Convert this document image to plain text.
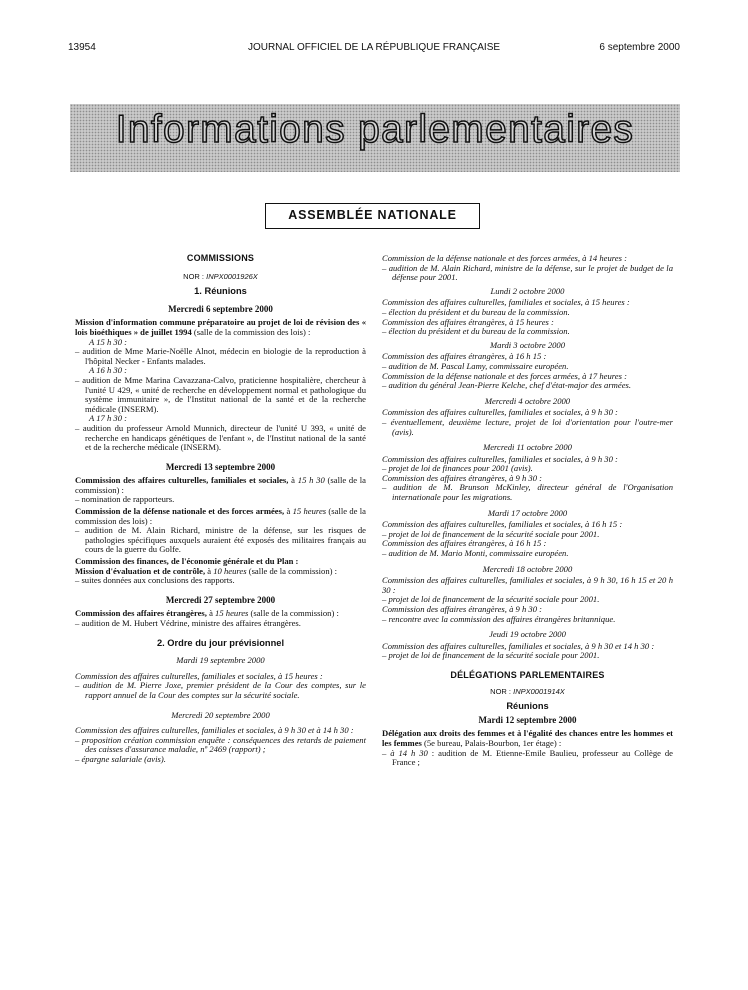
13954	JOURNAL OFFICIEL DE LA RÉPUBLIQUE FRANÇAISE	6 septembre 2000
Informations parlementaires
ASSEMBLÉE NATIONALE

COMMISSIONS

NOR : INPX0001926X

1. Réunions

Mercredi 6 septembre 2000

Mission d'information commune préparatoire au projet de loi de révision des « lois bioéthiques » de juillet 1994 (salle de la commission des lois) :

A 15 h 30 :

– audition de Mme Marie-Noëlle Alnot, médecin en biologie de la reproduction à l'hôpital Necker - Enfants malades.

A 16 h 30 :

– audition de Mme Marina Cavazzana-Calvo, praticienne hospitalière, chercheur à l'unité U 429, « unité de recherche en développement normal et pathologique du système immunitaire », de l'Institut national de la santé et de la recherche médicale (INSERM).

A 17 h 30 :

– audition du professeur Arnold Munnich, directeur de l'unité U 393, « unité de recherche en handicaps génétiques de l'enfant », de l'Institut national de la santé et de la recherche médicale (INSERM).

Mercredi 13 septembre 2000

Commission des affaires culturelles, familiales et sociales, à 15 h 30 (salle de la commission) :

– nomination de rapporteurs.

Commission de la défense nationale et des forces armées, à 15 heures (salle de la commission des lois) :

– audition de M. Alain Richard, ministre de la défense, sur les risques de pathologies spécifiques auxquels auraient été exposés des militaires français au cours de la guerre du Golfe.

Commission des finances, de l'économie générale et du Plan :

Mission d'évaluation et de contrôle, à 10 heures (salle de la commission) :

– suites données aux conclusions des rapports.

Mercredi 27 septembre 2000

Commission des affaires étrangères, à 15 heures (salle de la commission) :

– audition de M. Hubert Védrine, ministre des affaires étrangères.

2. Ordre du jour prévisionnel

Mardi 19 septembre 2000

Commission des affaires culturelles, familiales et sociales, à 15 heures :

– audition de M. Pierre Joxe, premier président de la Cour des comptes, sur le rapport annuel de la Cour des comptes sur la sécurité sociale.

Mercredi 20 septembre 2000

Commission des affaires culturelles, familiales et sociales, à 9 h 30 et à 14 h 30 :

– proposition création commission enquête : conséquences des retards de paiement des caisses d'assurance maladie, nº 2469 (rapport) ;

– épargne salariale (avis).

Commission de la défense nationale et des forces armées, à 14 heures :

– audition de M. Alain Richard, ministre de la défense, sur le projet de budget de la défense pour 2001.

Lundi 2 octobre 2000

Commission des affaires culturelles, familiales et sociales, à 15 heures :

– élection du président et du bureau de la commission.

Commission des affaires étrangères, à 15 heures :

– élection du président et du bureau de la commission.

Mardi 3 octobre 2000

Commission des affaires étrangères, à 16 h 15 :

– audition de M. Pascal Lamy, commissaire européen.

Commission de la défense nationale et des forces armées, à 17 heures :

– audition du général Jean-Pierre Kelche, chef d'état-major des armées.

Mercredi 4 octobre 2000

Commission des affaires culturelles, familiales et sociales, à 9 h 30 :

– éventuellement, deuxième lecture, projet de loi d'orientation pour l'outre-mer (avis).

Mercredi 11 octobre 2000

Commission des affaires culturelles, familiales et sociales, à 9 h 30 :

– projet de loi de finances pour 2001 (avis).

Commission des affaires étrangères, à 9 h 30 :

– audition de M. Brunson McKinley, directeur général de l'Organisation internationale pour les migrations.

Mardi 17 octobre 2000

Commission des affaires culturelles, familiales et sociales, à 16 h 15 :

– projet de loi de financement de la sécurité sociale pour 2001.

Commission des affaires étrangères, à 16 h 15 :

– audition de M. Mario Monti, commissaire européen.

Mercredi 18 octobre 2000

Commission des affaires culturelles, familiales et sociales, à 9 h 30, 16 h 15 et 20 h 30 :

– projet de loi de financement de la sécurité sociale pour 2001.

Commission des affaires étrangères, à 9 h 30 :

– rencontre avec la commission des affaires étrangères britannique.

Jeudi 19 octobre 2000

Commission des affaires culturelles, familiales et sociales, à 9 h 30 et 14 h 30 :

– projet de loi de financement de la sécurité sociale pour 2001.

DÉLÉGATIONS PARLEMENTAIRES

NOR : INPX0001914X

Réunions

Mardi 12 septembre 2000

Délégation aux droits des femmes et à l'égalité des chances entre les hommes et les femmes (5e bureau, Palais-Bourbon, 1er étage) :

– à 14 h 30 : audition de M. Etienne-Emile Baulieu, professeur au Collège de France ;
